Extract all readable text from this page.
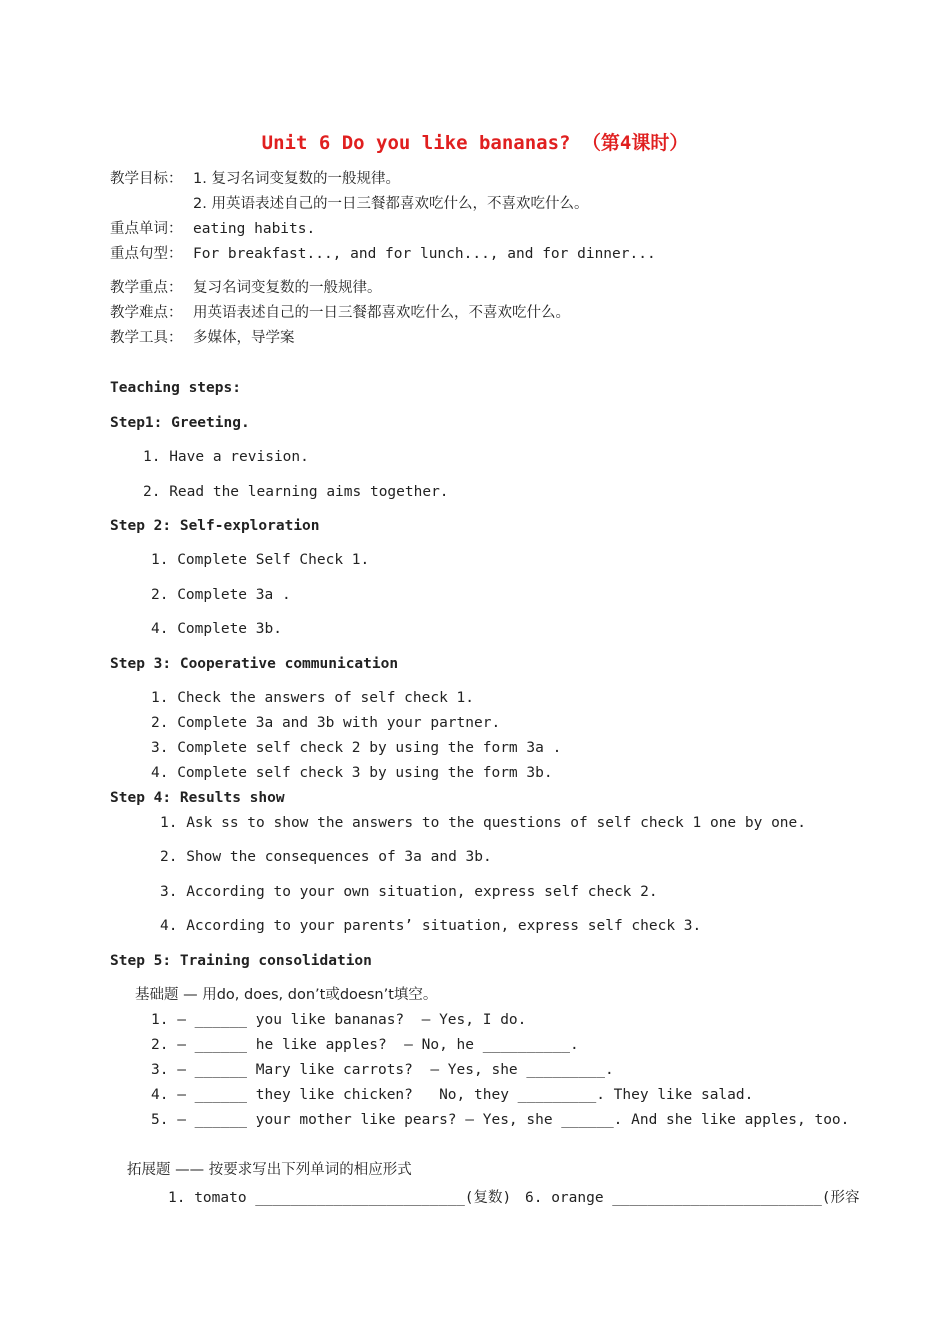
Unit 6 Do you like bananas? （第4课时）
教学目标： 1. 复习名词变复数的一般规律。
2. 用英语表述自己的一日三餐都喜欢吃什么，不喜欢吃什么。
重点单词： eating habits.
重点句型： For breakfast..., and for lunch..., and for dinner...
教学重点： 复习名词变复数的一般规律。
教学难点： 用英语表述自己的一日三餐都喜欢吃什么，不喜欢吃什么。
教学工具： 多媒体，导学案
Teaching steps:
Step1: Greeting.
1. Have a revision.
2. Read the learning aims together.
Step 2: Self-exploration
1. Complete Self Check 1.
2. Complete 3a .
4. Complete 3b.
Step 3: Cooperative communication
1. Check the answers of self check 1.
2. Complete 3a and 3b with your partner.
3. Complete self check 2 by using the form 3a .
4. Complete self check 3 by using the form 3b.
Step 4: Results show
1. Ask ss to show the answers to the questions of self check 1 one by one.
2. Show the consequences of 3a and 3b.
3. According to your own situation, express self check 2.
4. According to your parents’ situation, express self check 3.
Step 5: Training consolidation
基础题 — 用do, does, don’t或doesn’t填空。
1. — ______ you like bananas?  — Yes, I do.
2. — ______ he like apples?  — No, he __________.
3. — ______ Mary like carrots?  — Yes, she _________.
4. — ______ they like chicken?   No, they _________. They like salad.
5. — ______ your mother like pears? — Yes, she ______. And she like apples, too.
拓展题 —— 按要求写出下列单词的相应形式
1. tomato ________________________(复数) 6. orange ________________________(形容
